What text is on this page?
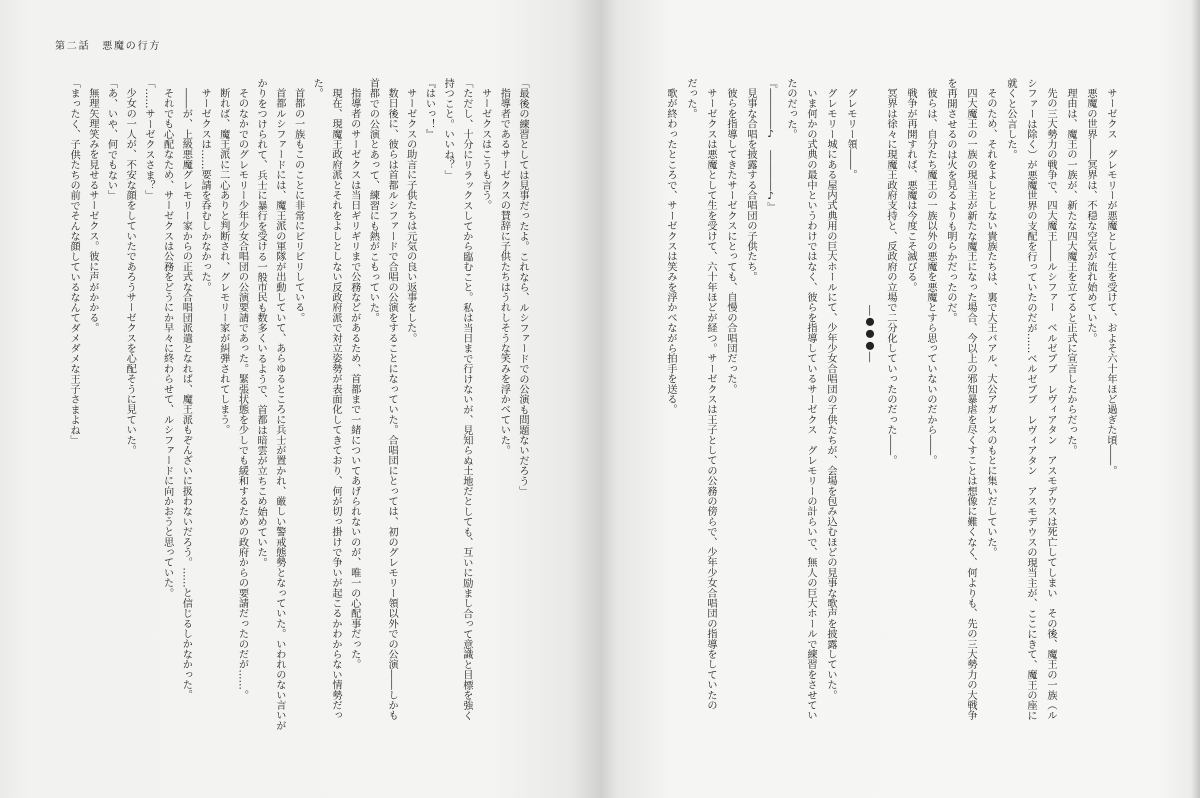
第二話　悪魔の行方

「最後の練習としては見事だったよ。これなら、ルシファードでの公演も問題ないだろう」

指導者であるサーゼクスの賛辞に子供たちはうれしそうな笑みを浮かべていた。

サーゼクスはこうも言う。

「ただし、十分にリラックスしてから臨むこと。私は当日まで行けないが、見知らぬ土地だとしても、互いに励まし合って意識と目標を強く

持つこと。いいね？」

『はいっ！』

サーゼクスの助言に子供たちは元気の良い返事をした。

数日後に、彼らは首都ルシファードで合唱の公演をすることになっていた。合唱団にとっては、初のグレモリー領以外での公演――しかも

首都での公演とあって、練習にも熱がこもっていた。

指導者のサーゼクスは当日ギリギリまで公務などがあるため、首都まで一緒についてあげられないのが、唯一の心配事だった。

現在、現魔王政府派とそれをよしとしない反政府派で対立姿勢が表面化してきており、何が切っ掛けで争いが起こるかわからない情勢だっ

た。

首都の一族もこのことに非常にピリピリしている。

首都ルシファードには、魔王派の軍隊が出動していて、あらゆるところに兵士が置かれ、厳しい警戒態勢となっていた。いわれのない言いが

かりをつけられて、兵士に暴行を受ける一般市民も数多くいるようで、首都は暗雲が立ちこめ始めていた。

そのなかでのグレモリー少年少女合唱団の公演要請であった。緊張状態を少しでも緩和するための政府からの要請だったのだが……。

断れば、魔王派に二心ありと判断され、グレモリー家が糾弾されてしまう。

サーゼクスは……要請を呑むしかなかった。

――が、上級悪魔グレモリー家からの正式な合唱団派遣となれば、魔王派もぞんざいに扱わないだろう。……と信じるしかなかった。

それでも心配なため、サーゼクスは公務をどうにか早々に終わらせて、ルシファードに向かおうと思っていた。

「……サーゼクスさま？」

少女の一人が、不安な顔をしていたであろうサーゼクスを心配そうに見ていた。

「あ、いや、何でもない」

無理矢理笑みを見せるサーゼクス。彼に声がかかる。

「まったく、子供たちの前でそんな顔しているなんてダメダメな王子さまよね」	サーゼクス　グレモリーが悪魔として生を受けて、およそ六十年ほど過ぎた頃――。

悪魔の世界――冥界は、不穏な空気が流れ始めていた。

理由は、魔王の一族が、新たな四大魔王を立てると正式に宣言したからだった。

先の三大勢力の戦争で、四大魔王――ルシファー　ベルゼブブ　レヴィアタン　アスモデウスは死亡してしまい　その後、魔王の一族（ル

シファーは除く）が悪魔世界の支配を行っていたのだが……ベルゼブブ　レヴィアタン　アスモデウスの現当主が、ここにきて、魔王の座に

就くと公言した。

そのため、それをよしとしない貴族たちは、裏で大王バアル、大公アガレスのもとに集いだしていた。

四大魔王の一族の現当主が新たな魔王になった場合、今以上の邪知暴虐を尽くすことは想像に難くなく、何よりも、先の三大勢力の大戦争

を再開させるのは火を見るよりも明らかだったのだ。

彼らは、自分たち魔王の一族以外の悪魔を悪魔とすら思っていないのだから――。

戦争が再開すれば、悪魔は今度こそ滅びる。

冥界は徐々に現魔王政府支持と、反政府の立場で二分化していったのだった――。

―●●●―

グレモリー領――。

グレモリー城にある屋内式典用の巨大ホールにて、少年少女合唱団の子供たちが、会場を包み込むほどの見事な歌声を披露していた。

いま何かの式典の最中というわけではなく、彼らを指導しているサーゼクス　グレモリーの計らいで、無人の巨大ホールで練習をさせてい

たのだった。

『――――♪　――――♪』

見事な合唱を披露する合唱団の子供たち。

彼らを指導してきたサーゼクスにとっても、自慢の合唱団だった。

サーゼクスは悪魔として生を受けて、六十年ほどが経つ。サーゼクスは王子としての公務の傍らで、少年少女合唱団の指導をしていたの

だった。

歌が終わったところで、サーゼクスは笑みを浮かべながら拍手を送る。
